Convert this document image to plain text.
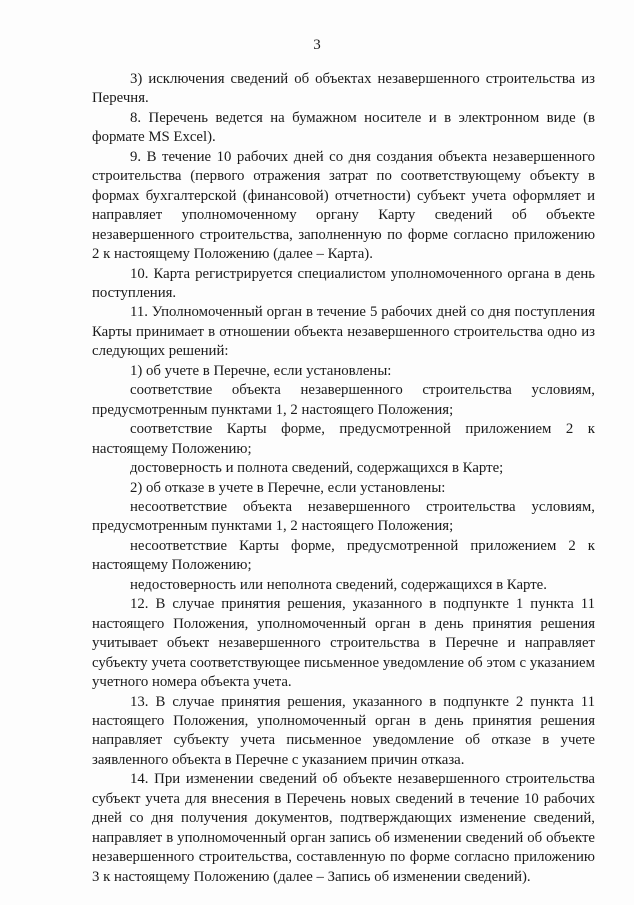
3

3) исключения сведений об объектах незавершенного строительства из Перечня.

8. Перечень ведется на бумажном носителе и в электронном виде (в формате MS Excel).

9. В течение 10 рабочих дней со дня создания объекта незавершенного строительства (первого отражения затрат по соответствующему объекту в формах бухгалтерской (финансовой) отчетности) субъект учета оформляет и направляет уполномоченному органу Карту сведений об объекте незавершенного строительства, заполненную по форме согласно приложению 2 к настоящему Положению (далее – Карта).

10. Карта регистрируется специалистом уполномоченного органа в день поступления.

11. Уполномоченный орган в течение 5 рабочих дней со дня поступления Карты принимает в отношении объекта незавершенного строительства одно из следующих решений:

1) об учете в Перечне, если установлены:

соответствие объекта незавершенного строительства условиям, предусмотренным пунктами 1, 2 настоящего Положения;

соответствие Карты форме, предусмотренной приложением 2 к настоящему Положению;

достоверность и полнота сведений, содержащихся в Карте;

2) об отказе в учете в Перечне, если установлены:

несоответствие объекта незавершенного строительства условиям, предусмотренным пунктами 1, 2 настоящего Положения;

несоответствие Карты форме, предусмотренной приложением 2 к настоящему Положению;

недостоверность или неполнота сведений, содержащихся в Карте.

12. В случае принятия решения, указанного в подпункте 1 пункта 11 настоящего Положения, уполномоченный орган в день принятия решения учитывает объект незавершенного строительства в Перечне и направляет субъекту учета соответствующее письменное уведомление об этом с указанием учетного номера объекта учета.

13. В случае принятия решения, указанного в подпункте 2 пункта 11 настоящего Положения, уполномоченный орган в день принятия решения направляет субъекту учета письменное уведомление об отказе в учете заявленного объекта в Перечне с указанием причин отказа.

14. При изменении сведений об объекте незавершенного строительства субъект учета для внесения в Перечень новых сведений в течение 10 рабочих дней со дня получения документов, подтверждающих изменение сведений, направляет в уполномоченный орган запись об изменении сведений об объекте незавершенного строительства, составленную по форме согласно приложению 3 к настоящему Положению (далее – Запись об изменении сведений).
